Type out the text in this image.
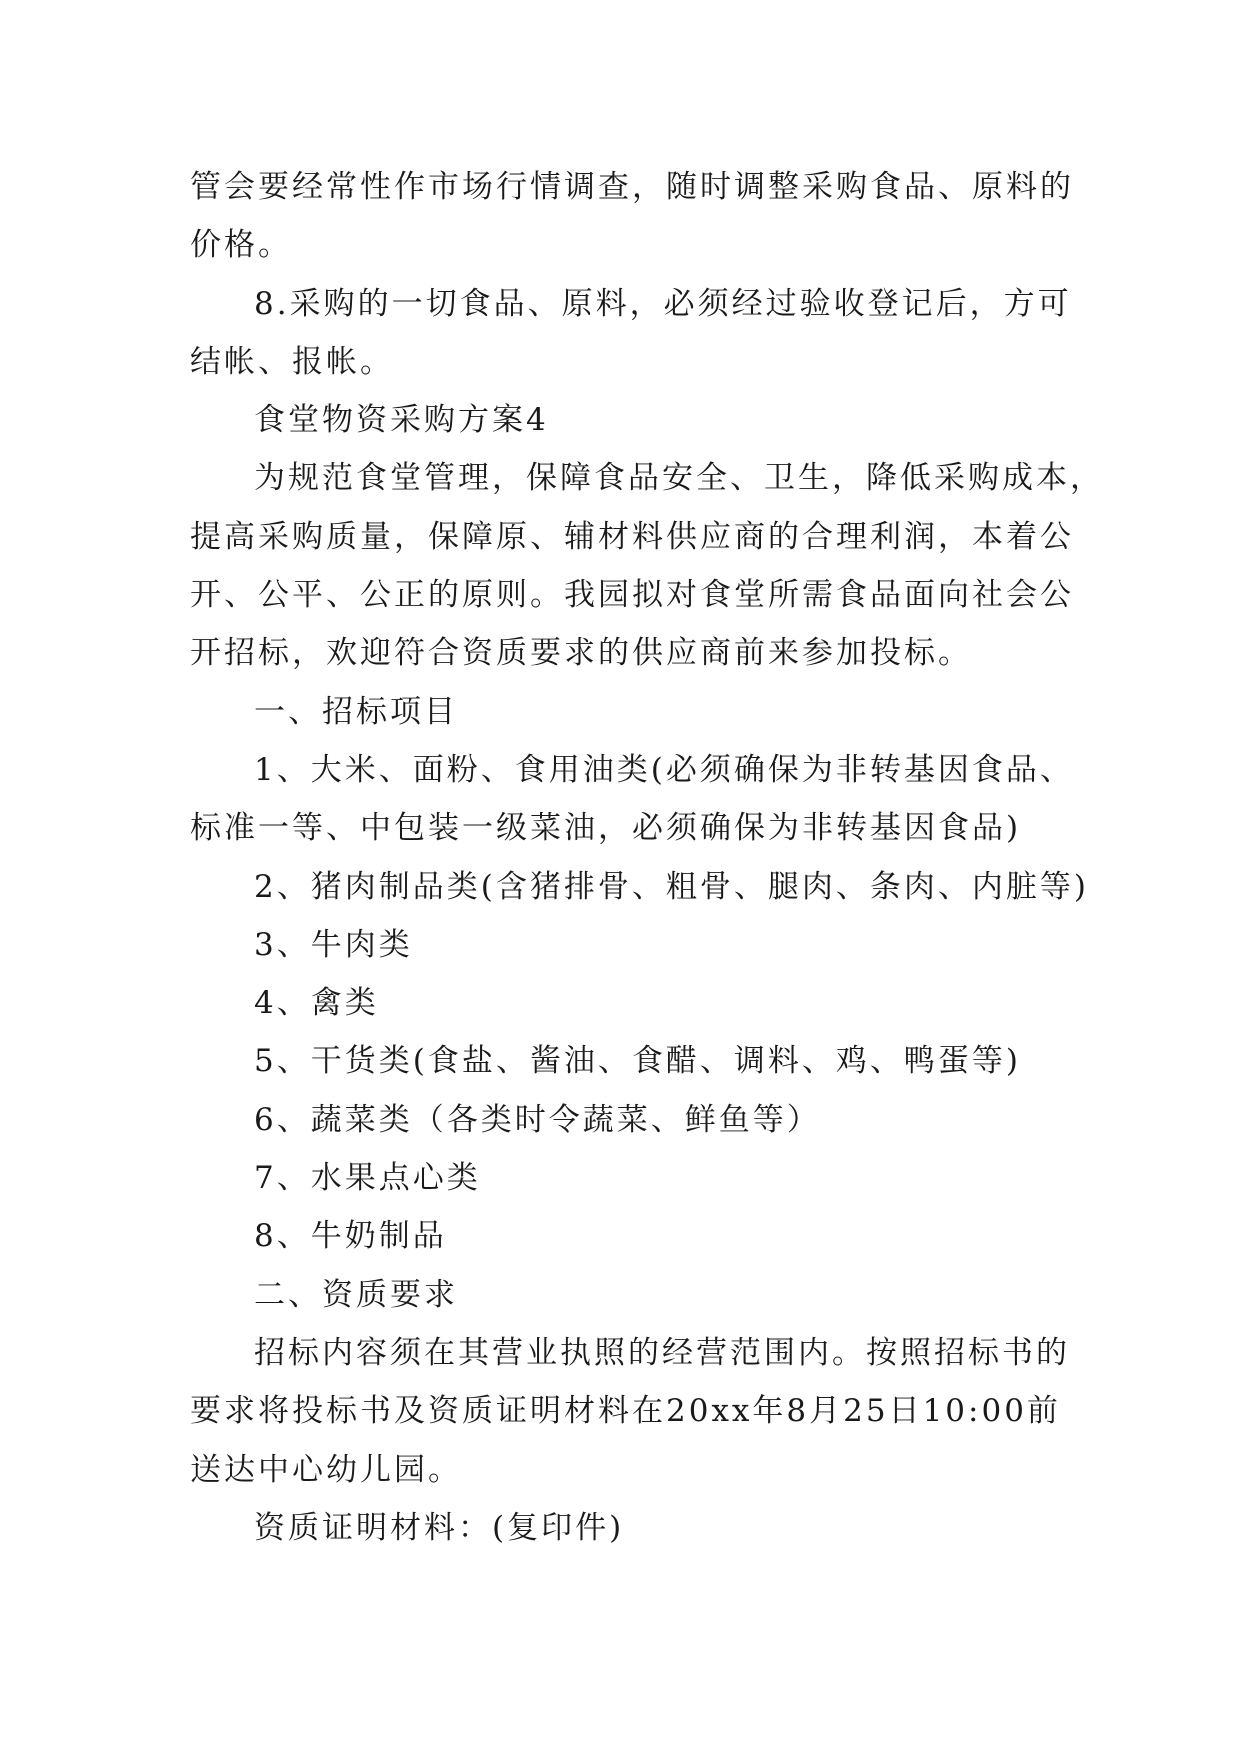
管会要经常性作市场行情调查，随时调整采购食品、原料的
价格。
8.采购的一切食品、原料，必须经过验收登记后，方可
结帐、报帐。
食堂物资采购方案4
为规范食堂管理，保障食品安全、卫生，降低采购成本，
提高采购质量，保障原、辅材料供应商的合理利润，本着公
开、公平、公正的原则。我园拟对食堂所需食品面向社会公
开招标，欢迎符合资质要求的供应商前来参加投标。
一、招标项目
1、大米、面粉、食用油类(必须确保为非转基因食品、
标准一等、中包装一级菜油，必须确保为非转基因食品)
2、猪肉制品类(含猪排骨、粗骨、腿肉、条肉、内脏等)
3、牛肉类
4、禽类
5、干货类(食盐、酱油、食醋、调料、鸡、鸭蛋等)
6、蔬菜类（各类时令蔬菜、鲜鱼等）
7、水果点心类
8、牛奶制品
二、资质要求
招标内容须在其营业执照的经营范围内。按照招标书的
要求将投标书及资质证明材料在20xx年8月25日10:00前
送达中心幼儿园。
资质证明材料：(复印件)
